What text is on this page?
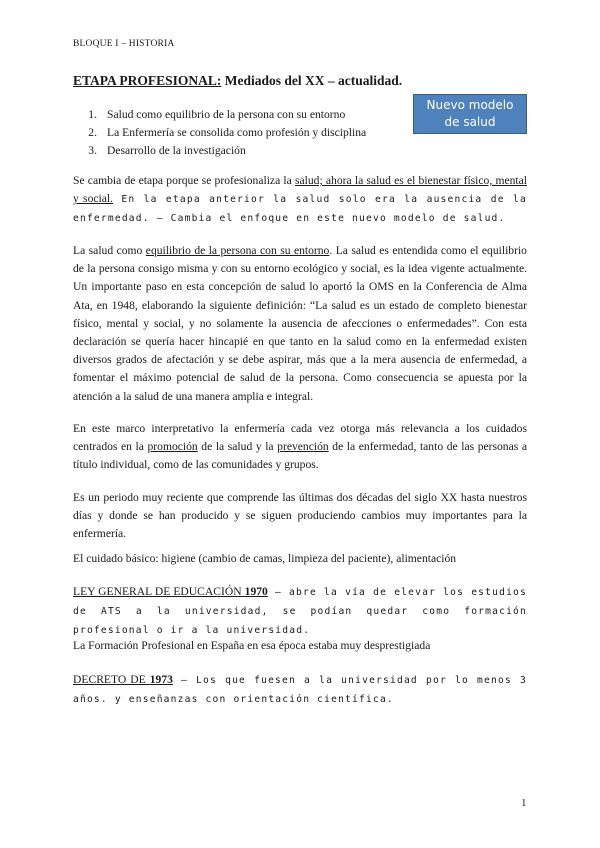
BLOQUE I – HISTORIA
ETAPA PROFESIONAL: Mediados del XX – actualidad.
1. Salud como equilibrio de la persona con su entorno
2. La Enfermería se consolida como profesión y disciplina
3. Desarrollo de la investigación
Nuevo modelo
de salud

Se cambia de etapa porque se profesionaliza la salud; ahora la salud es el bienestar físico, mental y social. En la etapa anterior la salud solo era la ausencia de la enfermedad. – Cambia el enfoque en este nuevo modelo de salud.

La salud como equilibrio de la persona con su entorno. La salud es entendida como el equilibrio de la persona consigo misma y con su entorno ecológico y social, es la idea vigente actualmente. Un importante paso en esta concepción de salud lo aportó la OMS en la Conferencia de Alma Ata, en 1948, elaborando la siguiente definición: “La salud es un estado de completo bienestar físico, mental y social, y no solamente la ausencia de afecciones o enfermedades”. Con esta declaración se quería hacer hincapié en que tanto en la salud como en la enfermedad existen diversos grados de afectación y se debe aspirar, más que a la mera ausencia de enfermedad, a fomentar el máximo potencial de salud de la persona. Como consecuencia se apuesta por la atención a la salud de una manera amplia e integral.

En este marco interpretativo la enfermería cada vez otorga más relevancia a los cuidados centrados en la promoción de la salud y la prevención de la enfermedad, tanto de las personas a título individual, como de las comunidades y grupos.

Es un periodo muy reciente que comprende las últimas dos décadas del siglo XX hasta nuestros días y donde se han producido y se siguen produciendo cambios muy importantes para la enfermería.

El cuidado básico: higiene (cambio de camas, limpieza del paciente), alimentación

LEY GENERAL DE EDUCACIÓN 1970 – abre la vía de elevar los estudios de ATS a la universidad, se podían quedar como formación profesional o ir a la universidad.

La Formación Profesional en España en esa época estaba muy desprestigiada

DECRETO DE 1973 – Los que fuesen a la universidad por lo menos 3 años. y enseñanzas con orientación científica.

1
